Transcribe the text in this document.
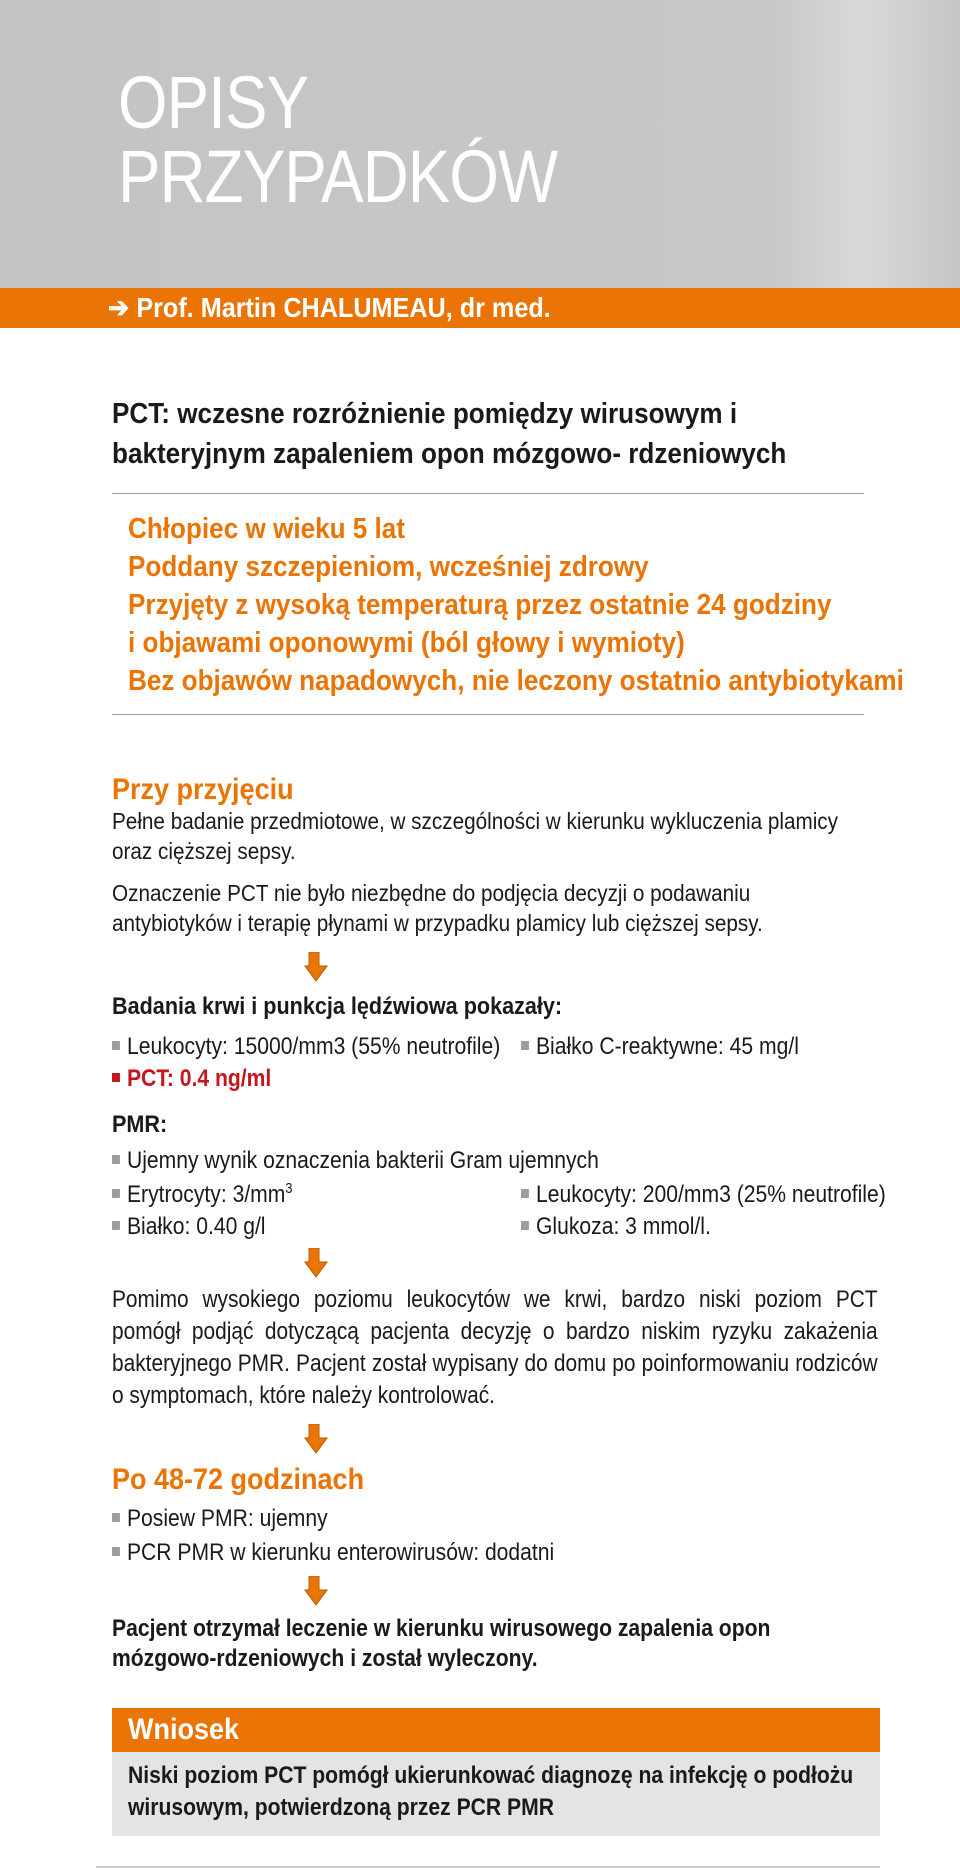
OPISY
PRZYPADKÓW
➔ Prof. Martin CHALUMEAU, dr med.
PCT: wczesne rozróżnienie pomiędzy wirusowym i bakteryjnym zapaleniem opon mózgowo- rdzeniowych
Chłopiec w wieku 5 lat
Poddany szczepieniom, wcześniej zdrowy
Przyjęty z wysoką temperaturą przez ostatnie 24 godziny
i objawami oponowymi (ból głowy i wymioty)
Bez objawów napadowych, nie leczony ostatnio antybiotykami
Przy przyjęciu
Pełne badanie przedmiotowe, w szczególności w kierunku wykluczenia plamicy oraz cięższej sepsy.
Oznaczenie PCT nie było niezbędne do podjęcia decyzji o podawaniu antybiotyków i terapię płynami w przypadku plamicy lub cięższej sepsy.
Badania krwi i punkcja lędźwiowa pokazały:
Leukocyty: 15000/mm3 (55% neutrofile)	Białko C-reaktywne: 45 mg/l
PCT: 0.4 ng/ml
PMR:
Ujemny wynik oznaczenia bakterii Gram ujemnych
Erytrocyty: $3/mm^3$	Leukocyty: 200/mm3 (25% neutrofile)
Białko: 0.40 g/l	Glukoza: 3 mmol/l.
Pomimo wysokiego poziomu leukocytów we krwi, bardzo niski poziom PCT pomógł podjąć dotyczącą pacjenta decyzję o bardzo niskim ryzyku zakażenia bakteryjnego PMR. Pacjent został wypisany do domu po poinformowaniu rodziców o symptomach, które należy kontrolować.
Po 48-72 godzinach
Posiew PMR: ujemny
PCR PMR w kierunku enterowirusów: dodatni
Pacjent otrzymał leczenie w kierunku wirusowego zapalenia opon mózgowo-rdzeniowych i został wyleczony.
Wniosek
Niski poziom PCT pomógł ukierunkować diagnozę na infekcję o podłożu wirusowym, potwierdzoną przez PCR PMR
